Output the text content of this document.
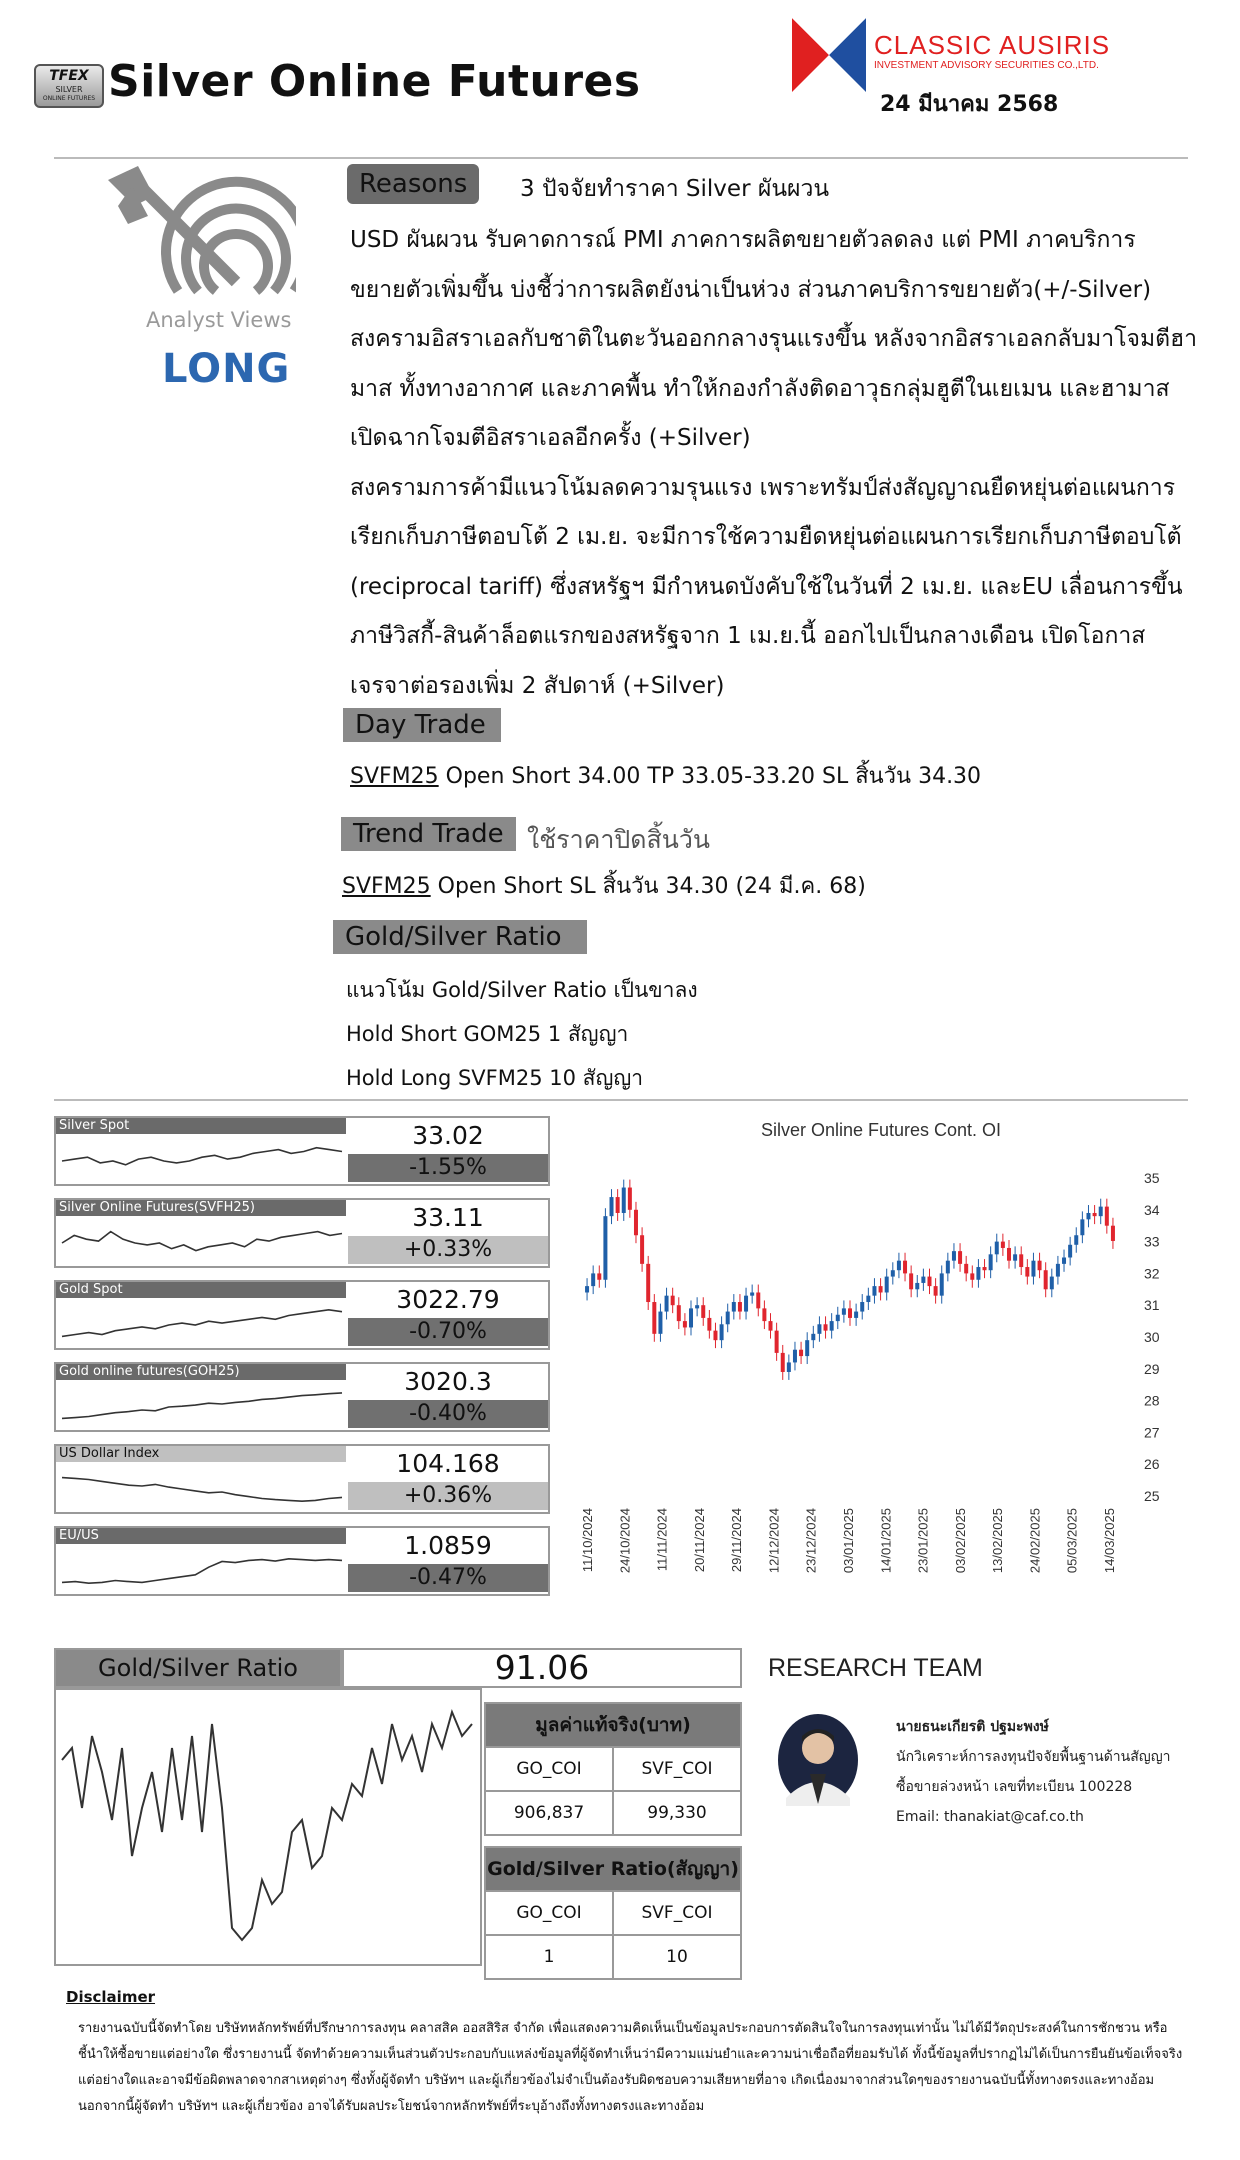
TFEX
SILVER
ONLINE FUTURES Silver Online Futures
CLASSIC AUSIRIS
INVESTMENT ADVISORY SECURITIES CO.,LTD.
24 มีนาคม 2568
Analyst Views
LONG
Reasons	3 ปัจจัยทำราคา Silver ผันผวน

USD ผันผวน รับคาดการณ์ PMI ภาคการผลิตขยายตัวลดลง แต่ PMI ภาคบริการ

ขยายตัวเพิ่มขึ้น บ่งชี้ว่าการผลิตยังน่าเป็นห่วง ส่วนภาคบริการขยายตัว(+/-Silver)

สงครามอิสราเอลกับชาติในตะวันออกกลางรุนแรงขึ้น หลังจากอิสราเอลกลับมาโจมตีฮา

มาส ทั้งทางอากาศ และภาคพื้น ทำให้กองกำลังติดอาวุธกลุ่มฮูตีในเยเมน และฮามาส

เปิดฉากโจมตีอิสราเอลอีกครั้ง (+Silver)

สงครามการค้ามีแนวโน้มลดความรุนแรง เพราะทรัมป์ส่งสัญญาณยืดหยุ่นต่อแผนการ

เรียกเก็บภาษีตอบโต้ 2 เม.ย. จะมีการใช้ความยืดหยุ่นต่อแผนการเรียกเก็บภาษีตอบโต้

(reciprocal tariff) ซึ่งสหรัฐฯ มีกำหนดบังคับใช้ในวันที่ 2 เม.ย. และEU เลื่อนการขึ้น

ภาษีวิสกี้-สินค้าล็อตแรกของสหรัฐจาก 1 เม.ย.นี้ ออกไปเป็นกลางเดือน เปิดโอกาส

เจรจาต่อรองเพิ่ม 2 สัปดาห์ (+Silver)

Day Trade
SVFM25 Open Short 34.00 TP 33.05-33.20 SL สิ้นวัน 34.30
Trend Trade ใช้ราคาปิดสิ้นวัน
SVFM25 Open Short SL สิ้นวัน 34.30 (24 มี.ค. 68)
Gold/Silver Ratio
แนวโน้ม Gold/Silver Ratio เป็นขาลง
Hold Short GOM25 1 สัญญา
Hold Long SVFM25 10 สัญญา
Silver Spot	33.02
-1.55%
Silver Online Futures(SVFH25)	33.11
+0.33%
Gold Spot	3022.79
-0.70%
Gold online futures(GOH25)	3020.3
-0.40%
US Dollar Index	104.168
+0.36%
EU/US	1.0859
-0.47%
Silver Online Futures Cont. OI
25
26
27
28
29
30
31
32
33
34
35
11/10/2024 24/10/2024 11/11/2024 20/11/2024 29/11/2024 12/12/2024 23/12/2024 03/01/2025 14/01/2025 23/01/2025 03/02/2025 13/02/2025 24/02/2025 05/03/2025 14/03/2025
Gold/Silver Ratio	91.06
มูลค่าแท้จริง(บาท)	
GO_COI	SVF_COI
906,837	99,330
Gold/Silver Ratio(สัญญา)	
GO_COI	SVF_COI
1	10
RESEARCH TEAM
นายธนะเกียรติ ปฐมะพงษ์
นักวิเคราะห์การลงทุนปัจจัยพื้นฐานด้านสัญญา
ซื้อขายล่วงหน้า เลขที่ทะเบียน 100228
Email: thanakiat@caf.co.th
Disclaimer
รายงานฉบับนี้จัดทำโดย บริษัทหลักทรัพย์ที่ปรึกษาการลงทุน คลาสสิค ออสสิริส จำกัด เพื่อแสดงความคิดเห็นเป็นข้อมูลประกอบการตัดสินใจในการลงทุนเท่านั้น ไม่ได้มีวัตถุประสงค์ในการชักชวน หรือ
ชี้นำให้ซื้อขายแต่อย่างใด ซึ่งรายงานนี้ จัดทำด้วยความเห็นส่วนตัวประกอบกับแหล่งข้อมูลที่ผู้จัดทำเห็นว่ามีความแม่นยำและความน่าเชื่อถือที่ยอมรับได้ ทั้งนี้ข้อมูลที่ปรากฏไม่ได้เป็นการยืนยันข้อเท็จจริง
แต่อย่างใดและอาจมีข้อผิดพลาดจากสาเหตุต่างๆ ซึ่งทั้งผู้จัดทำ บริษัทฯ และผู้เกี่ยวข้องไม่จำเป็นต้องรับผิดชอบความเสียหายที่อาจ เกิดเนื่องมาจากส่วนใดๆของรายงานฉบับนี้ทั้งทางตรงและทางอ้อม
นอกจากนี้ผู้จัดทำ บริษัทฯ และผู้เกี่ยวข้อง อาจได้รับผลประโยชน์จากหลักทรัพย์ที่ระบุอ้างถึงทั้งทางตรงและทางอ้อม
